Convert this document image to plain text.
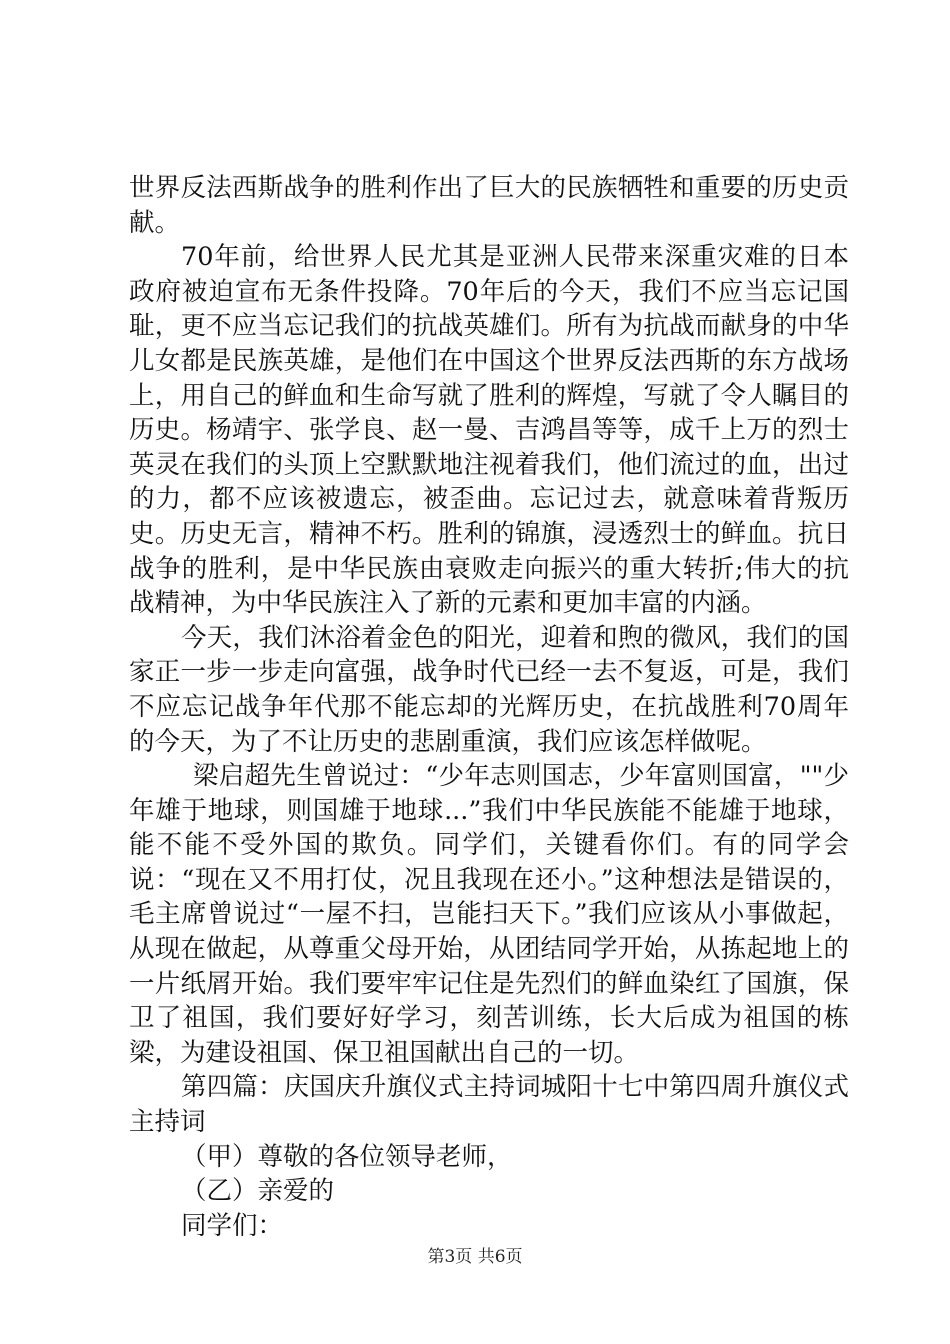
世界反法西斯战争的胜利作出了巨大的民族牺牲和重要的历史贡献。

70年前，给世界人民尤其是亚洲人民带来深重灾难的日本政府被迫宣布无条件投降。70年后的今天，我们不应当忘记国耻，更不应当忘记我们的抗战英雄们。所有为抗战而献身的中华儿女都是民族英雄，是他们在中国这个世界反法西斯的东方战场上，用自己的鲜血和生命写就了胜利的辉煌，写就了令人瞩目的历史。杨靖宇、张学良、赵一曼、吉鸿昌等等，成千上万的烈士英灵在我们的头顶上空默默地注视着我们，他们流过的血，出过的力，都不应该被遗忘，被歪曲。忘记过去，就意味着背叛历史。历史无言，精神不朽。胜利的锦旗，浸透烈士的鲜血。抗日战争的胜利，是中华民族由衰败走向振兴的重大转折;伟大的抗战精神，为中华民族注入了新的元素和更加丰富的内涵。

今天，我们沐浴着金色的阳光，迎着和煦的微风，我们的国家正一步一步走向富强，战争时代已经一去不复返，可是，我们不应忘记战争年代那不能忘却的光辉历史，在抗战胜利70周年的今天，为了不让历史的悲剧重演，我们应该怎样做呢。

梁启超先生曾说过：“少年志则国志，少年富则国富，""少年雄于地球，则国雄于地球...”我们中华民族能不能雄于地球，能不能不受外国的欺负。同学们，关键看你们。有的同学会说：“现在又不用打仗，况且我现在还小。”这种想法是错误的，毛主席曾说过“一屋不扫，岂能扫天下。”我们应该从小事做起，从现在做起，从尊重父母开始，从团结同学开始，从拣起地上的一片纸屑开始。我们要牢牢记住是先烈们的鲜血染红了国旗，保卫了祖国，我们要好好学习，刻苦训练，长大后成为祖国的栋梁，为建设祖国、保卫祖国献出自己的一切。

第四篇：庆国庆升旗仪式主持词城阳十七中第四周升旗仪式主持词

（甲）尊敬的各位领导老师，

（乙）亲爱的

同学们：

第3页 共6页
